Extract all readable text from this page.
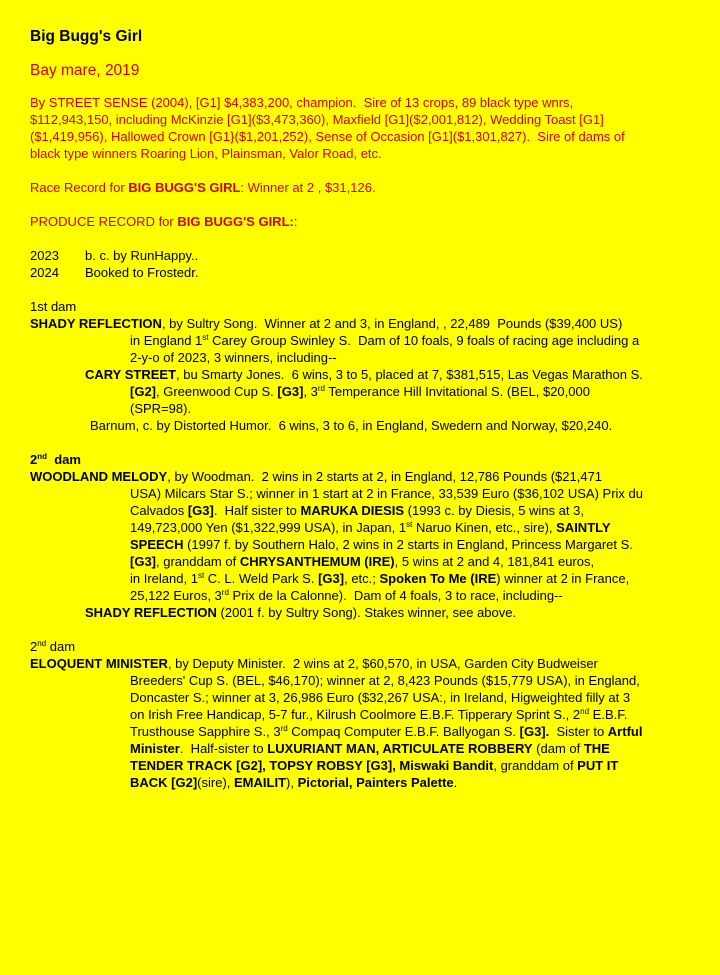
Big Bugg's Girl
Bay mare, 2019
By STREET SENSE (2004), [G1] $4,383,200, champion.  Sire of 13 crops, 89 black type wnrs,
$112,943,150, including McKinzie [G1]($3,473,360), Maxfield [G1]($2,001,812), Wedding Toast [G1]
($1,419,956), Hallowed Crown [G1}($1,201,252), Sense of Occasion [G1]($1,301,827).  Sire of dams of
black type winners Roaring Lion, Plainsman, Valor Road, etc.

Race Record for BIG BUGG'S GIRL: Winner at 2 , $31,126.

PRODUCE RECORD for BIG BUGG'S GIRL::

2023 b. c. by RunHappy..
2024 Booked to Frostedr.

1st dam
SHADY REFLECTION, by Sultry Song.  Winner at 2 and 3, in England, , 22,489  Pounds ($39,400 US)
in England 1st Carey Group Swinley S.  Dam of 10 foals, 9 foals of racing age including a
2-y-o of 2023, 3 winners, including--
CARY STREET, bu Smarty Jones.  6 wins, 3 to 5, placed at 7, $381,515, Las Vegas Marathon S.
[G2], Greenwood Cup S. [G3], 3rd Temperance Hill Invitational S. (BEL, $20,000
(SPR=98).
Barnum, c. by Distorted Humor.  6 wins, 3 to 6, in England, Swedern and Norway, $20,240.

2nd  dam
WOODLAND MELODY, by Woodman.  2 wins in 2 starts at 2, in England, 12,786 Pounds ($21,471
USA) Milcars Star S.; winner in 1 start at 2 in France, 33,539 Euro ($36,102 USA) Prix du
Calvados [G3].  Half sister to MARUKA DIESIS (1993 c. by Diesis, 5 wins at 3,
149,723,000 Yen ($1,322,999 USA), in Japan, 1st Naruo Kinen, etc., sire), SAINTLY
SPEECH (1997 f. by Southern Halo, 2 wins in 2 starts in England, Princess Margaret S.
[G3], granddam of CHRYSANTHEMUM (IRE), 5 wins at 2 and 4, 181,841 euros,
in Ireland, 1st C. L. Weld Park S. [G3], etc.; Spoken To Me (IRE) winner at 2 in France,
25,122 Euros, 3rd Prix de la Calonne).  Dam of 4 foals, 3 to race, including--
SHADY REFLECTION (2001 f. by Sultry Song). Stakes winner, see above.

2nd dam
ELOQUENT MINISTER, by Deputy Minister.  2 wins at 2, $60,570, in USA, Garden City Budweiser
Breeders' Cup S. (BEL, $46,170); winner at 2, 8,423 Pounds ($15,779 USA), in England,
Doncaster S.; winner at 3, 26,986 Euro ($32,267 USA:, in Ireland, Higweighted filly at 3
on Irish Free Handicap, 5-7 fur., Kilrush Coolmore E.B.F. Tipperary Sprint S., 2nd E.B.F.
Trusthouse Sapphire S., 3rd Compaq Computer E.B.F. Ballyogan S. [G3].  Sister to Artful
Minister.  Half-sister to LUXURIANT MAN, ARTICULATE ROBBERY (dam of THE
TENDER TRACK [G2], TOPSY ROBSY [G3], Miswaki Bandit, granddam of PUT IT
BACK [G2](sire), EMAILIT), Pictorial, Painters Palette.
